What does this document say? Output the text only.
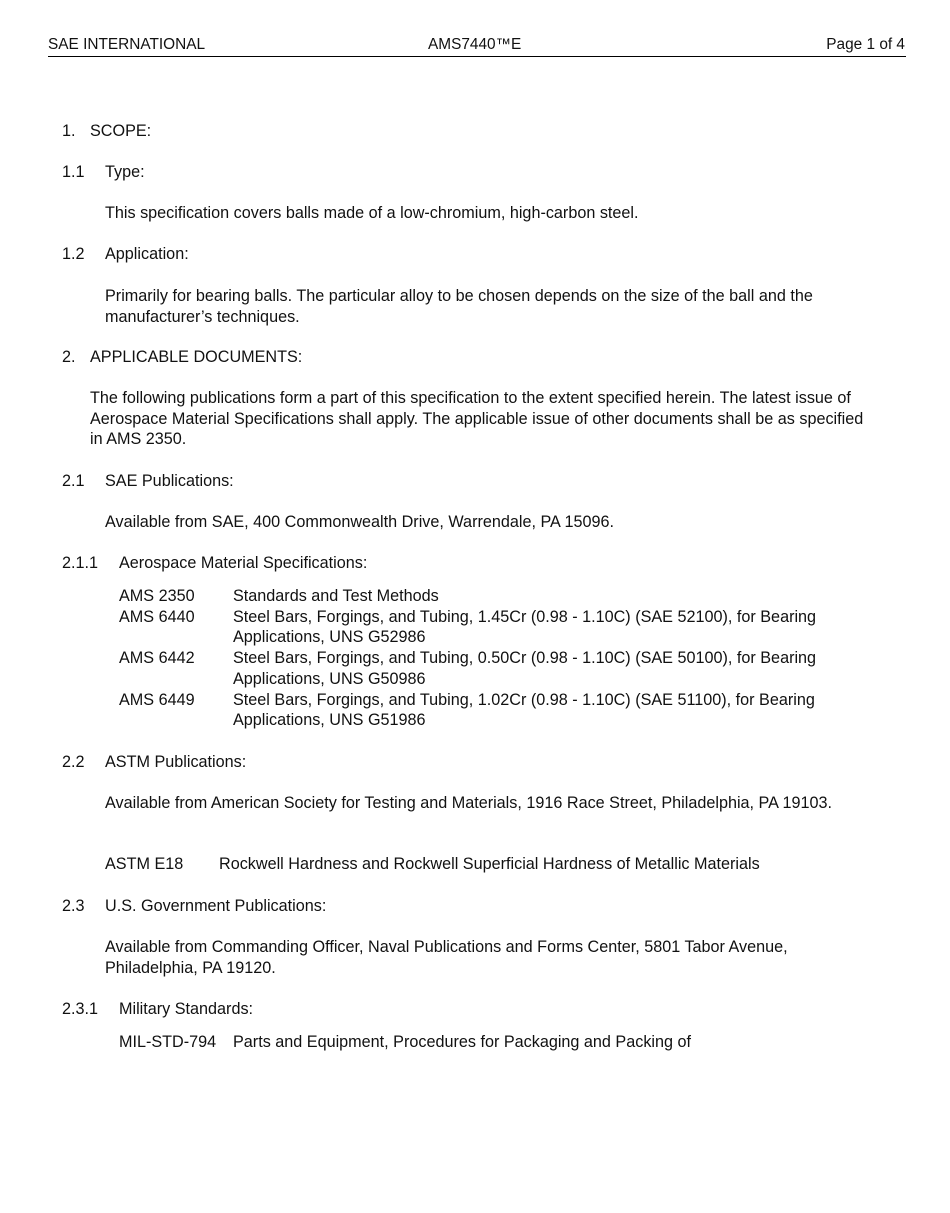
SAE INTERNATIONAL	AMS7440™E	Page 1 of 4
1. SCOPE:
1.1 Type:

This specification covers balls made of a low-chromium, high-carbon steel.

1.2 Application:

Primarily for bearing balls. The particular alloy to be chosen depends on the size of the ball and the manufacturer’s techniques.

2. APPLICABLE DOCUMENTS:

The following publications form a part of this specification to the extent specified herein. The latest issue of Aerospace Material Specifications shall apply. The applicable issue of other documents shall be as specified in AMS 2350.

2.1 SAE Publications:

Available from SAE, 400 Commonwealth Drive, Warrendale, PA 15096.

2.1.1 Aerospace Material Specifications:
AMS 2350	Standards and Test Methods
AMS 6440	Steel Bars, Forgings, and Tubing, 1.45Cr (0.98 - 1.10C) (SAE 52100), for Bearing Applications, UNS G52986
AMS 6442	Steel Bars, Forgings, and Tubing, 0.50Cr (0.98 - 1.10C) (SAE 50100), for Bearing Applications, UNS G50986
AMS 6449	Steel Bars, Forgings, and Tubing, 1.02Cr (0.98 - 1.10C) (SAE 51100), for Bearing Applications, UNS G51986
2.2 ASTM Publications:

Available from American Society for Testing and Materials, 1916 Race Street, Philadelphia, PA 19103.

ASTM E18 Rockwell Hardness and Rockwell Superficial Hardness of Metallic Materials
2.3 U.S. Government Publications:

Available from Commanding Officer, Naval Publications and Forms Center, 5801 Tabor Avenue, Philadelphia, PA 19120.

2.3.1 Military Standards:
MIL-STD-794 Parts and Equipment, Procedures for Packaging and Packing of
